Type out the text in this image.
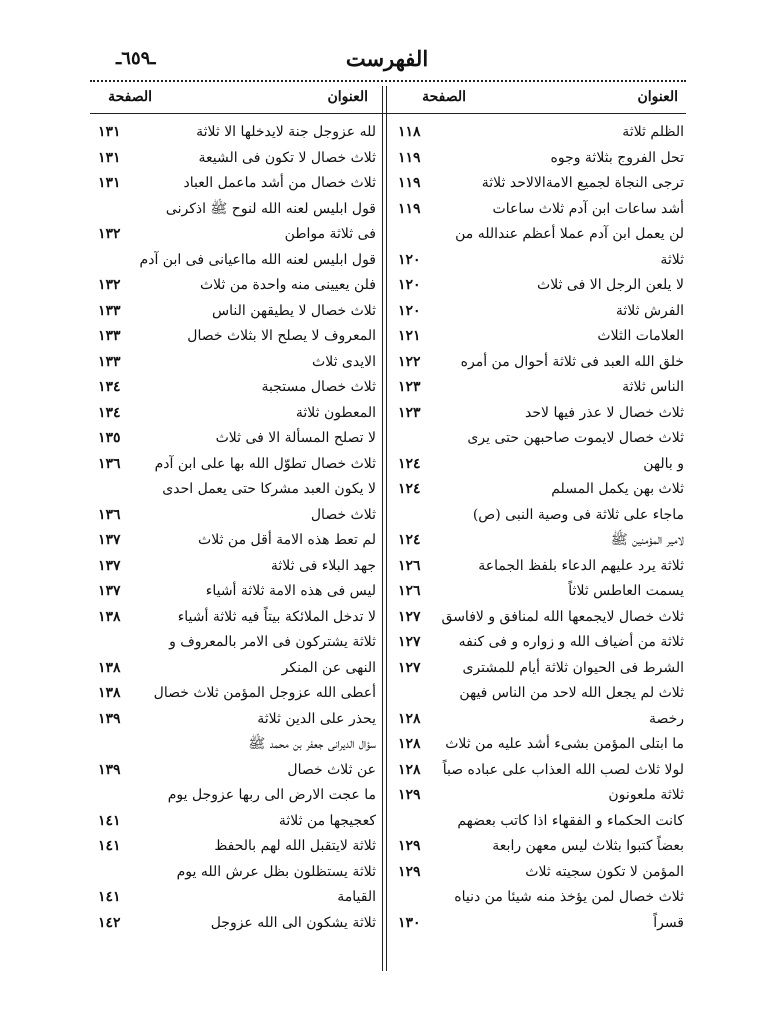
الفهرست
ـ٦٥٩ـ
العنوان
الصفحة
العنوان
الصفحة
الظلم ثلاثة
١١٨
تحل الفروج بثلاثة وجوه
١١٩
ترجى النجاة لجميع الامةالالاحد ثلاثة
١١٩
أشد ساعات ابن آدم ثلاث ساعات
١١٩
لن يعمل ابن آدم عملا أعظم عندالله من
ثلاثة
١٢٠
لا يلعن الرجل الا فى ثلاث
١٢٠
الفرش ثلاثة
١٢٠
العلامات الثلاث
١٢١
خلق الله العبد فى ثلاثة أحوال من أمره
١٢٢
الناس ثلاثة
١٢٣
ثلاث خصال لا عذر فيها لاحد
١٢٣
ثلاث خصال لايموت صاحبهن حتى يرى
و بالهن
١٢٤
ثلاث بهن يكمل المسلم
١٢٤
ماجاء على ثلاثة فى وصية النبى (ص)
لامير المؤمنين ﷺ
١٢٤
ثلاثة يرد عليهم الدعاء بلفظ الجماعة
١٢٦
يسمت العاطس ثلاثاً
١٢٦
ثلاث خصال لايجمعها الله لمنافق و لافاسق
١٢٧
ثلاثة من أضياف الله و زواره و فى كنفه
١٢٧
الشرط فى الحيوان ثلاثة أيام للمشترى
١٢٧
ثلاث لم يجعل الله لاحد من الناس فيهن
رخصة
١٢٨
ما ابتلى المؤمن بشىء أشد عليه من ثلاث
١٢٨
لولا ثلاث لصب الله العذاب على عباده صباً
١٢٨
ثلاثة ملعونون
١٢٩
كانت الحكماء و الفقهاء اذا كاتب بعضهم
بعضاً كتبوا بثلاث ليس معهن رابعة
١٢٩
المؤمن لا تكون سجيته ثلاث
١٢٩
ثلاث خصال لمن يؤخذ منه شيئا من دنياه
قسراً
١٣٠
لله عزوجل جنة لايدخلها الا ثلاثة
١٣١
ثلاث خصال لا تكون فى الشيعة
١٣١
ثلاث خصال من أشد ماعمل العباد
١٣١
قول ابليس لعنه الله لنوح ﷺ اذكرنى
فى ثلاثة مواطن
١٣٢
قول ابليس لعنه الله مااعيانى فى ابن آدم
فلن يعيينى منه واحدة من ثلاث
١٣٢
ثلاث خصال لا يطيقهن الناس
١٣٣
المعروف لا يصلح الا بثلاث خصال
١٣٣
الايدى ثلاث
١٣٣
ثلاث خصال مستجبة
١٣٤
المعطون ثلاثة
١٣٤
لا تصلح المسألة الا فى ثلاث
١٣٥
ثلاث خصال تطوّل الله بها على ابن آدم
١٣٦
لا يكون العبد مشركا حتى يعمل احدى
ثلاث خصال
١٣٦
لم تعط هذه الامة أقل من ثلاث
١٣٧
جهد البلاء فى ثلاثة
١٣٧
ليس فى هذه الامة ثلاثة أشياء
١٣٧
لا تدخل الملائكة بيتاً فيه ثلاثة أشياء
١٣٨
ثلاثة يشتركون فى الامر بالمعروف و
النهى عن المنكر
١٣٨
أعطى الله عزوجل المؤمن ثلاث خصال
١٣٨
يحذر على الدين ثلاثة
١٣٩
سؤال الديرانى جعفر بن محمد ﷺ
عن ثلاث خصال
١٣٩
ما عجت الارض الى ربها عزوجل يوم
كعجيجها من ثلاثة
١٤١
ثلاثة لايتقبل الله لهم بالحفظ
١٤١
ثلاثة يستظلون بظل عرش الله يوم
القيامة
١٤١
ثلاثة يشكون الى الله عزوجل
١٤٢
